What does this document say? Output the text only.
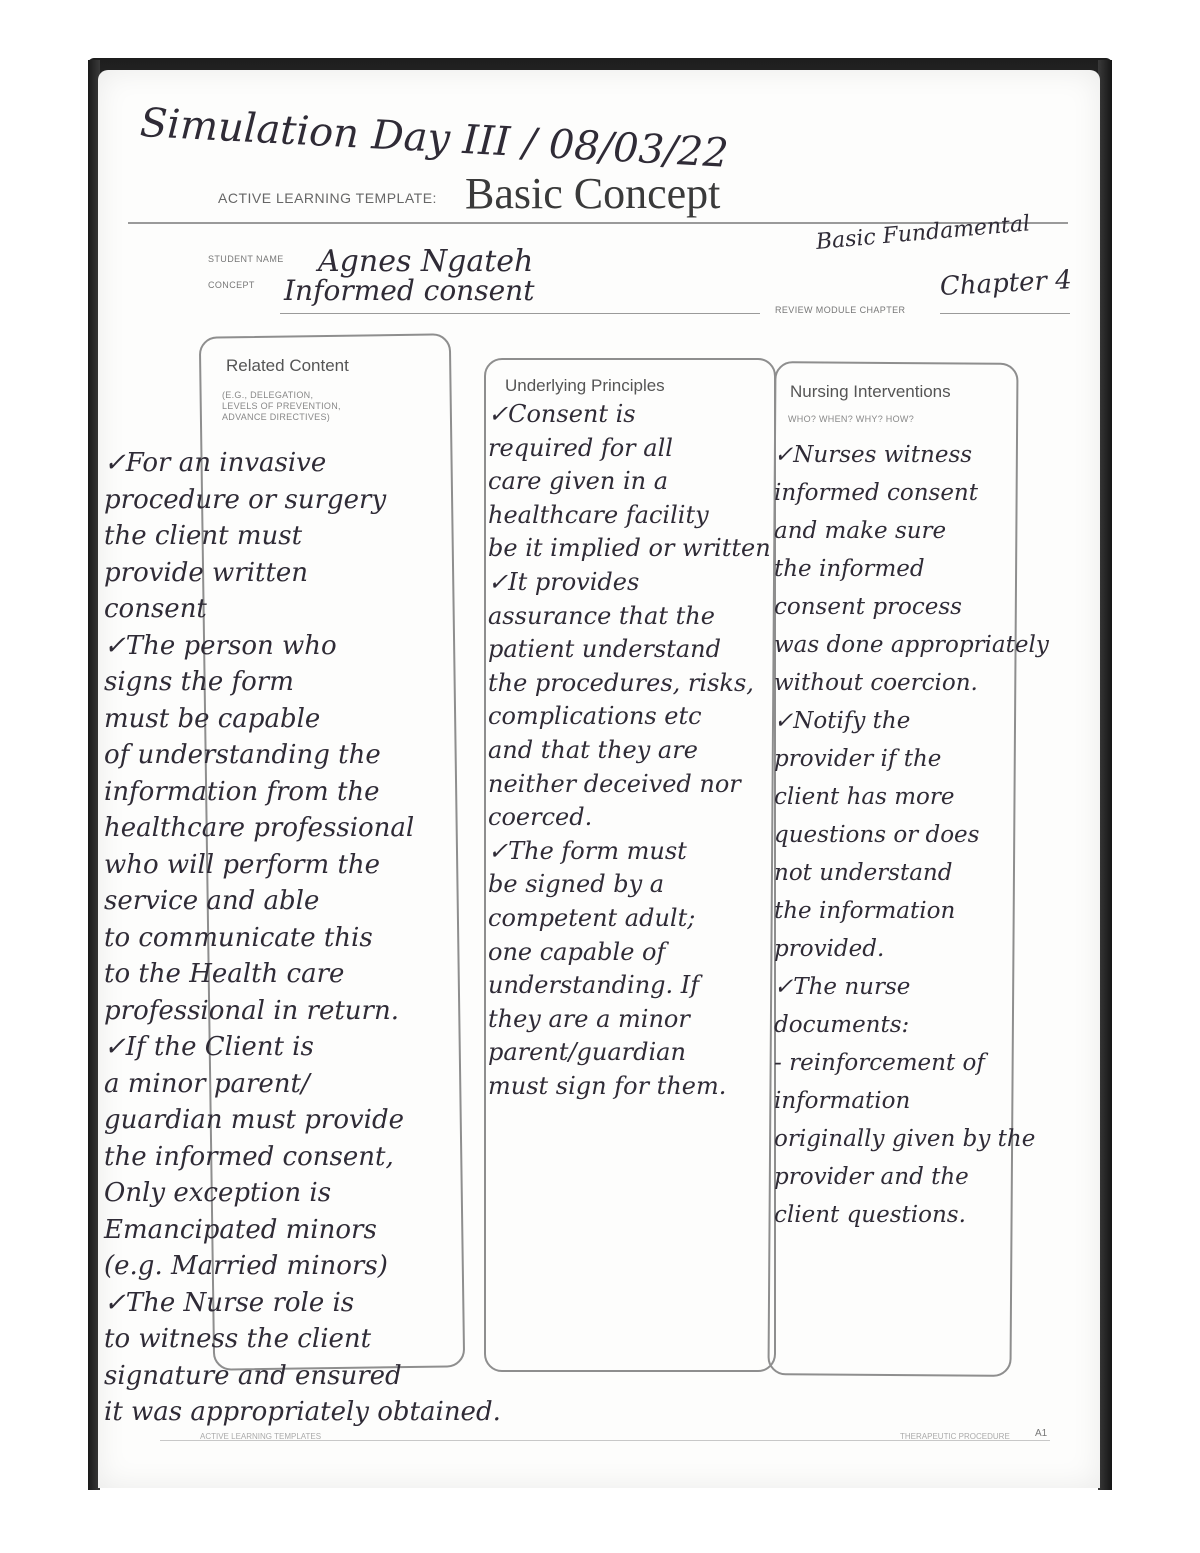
Simulation Day III / 08/03/22
ACTIVE LEARNING TEMPLATE: Basic Concept
STUDENT NAME Agnes Ngateh
CONCEPT Informed consent
Basic Fundamental
REVIEW MODULE CHAPTER
Chapter 4
Related Content
(E.G., DELEGATION,
LEVELS OF PREVENTION,
ADVANCE DIRECTIVES)
Underlying Principles	Nursing Interventions
WHO? WHEN? WHY? HOW?

✓For an invasive

procedure or surgery

the client must

provide written

consent

✓The person who

signs the form

must be capable

of understanding the

information from the

healthcare professional

who will perform the

service and able

to communicate this

to the Health care

professional in return.

✓If the Client is

a minor parent/

guardian must provide

the informed consent,

Only exception is

Emancipated minors

(e.g. Married minors)

✓The Nurse role is

to witness the client

signature and ensured

it was appropriately obtained.

✓Consent is

required for all

care given in a

healthcare facility

be it implied or written

✓It provides

assurance that the

patient understand

the procedures, risks,

complications etc

and that they are

neither deceived nor

coerced.

✓The form must

be signed by a

competent adult;

one capable of

understanding. If

they are a minor

parent/guardian

must sign for them.

✓Nurses witness

informed consent

and make sure

the informed

consent process

was done appropriately

without coercion.

✓Notify the

provider if the

client has more

questions or does

not understand

the information

provided.

✓The nurse

documents:

- reinforcement of

information

originally given by the

provider and the

client questions.

ACTIVE LEARNING TEMPLATES	THERAPEUTIC PROCEDURE	A1
